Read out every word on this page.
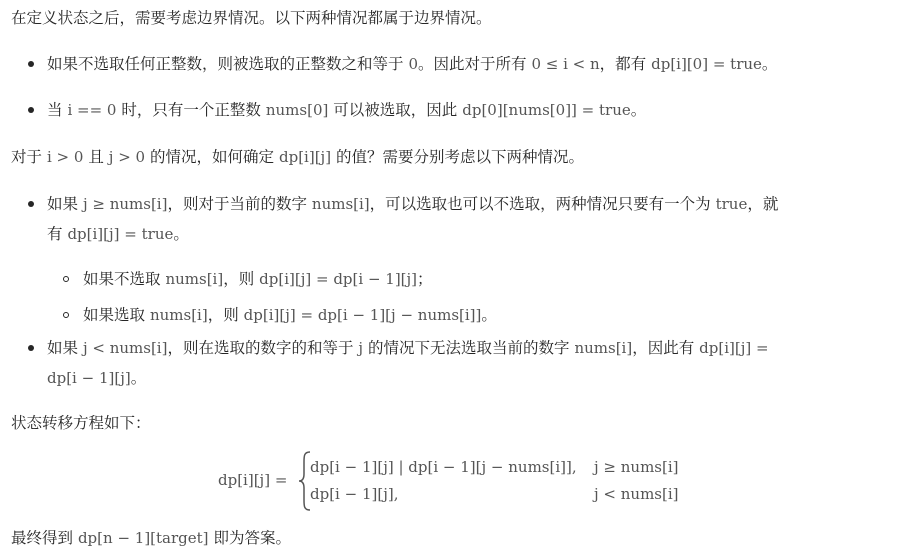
在定义状态之后，需要考虑边界情况。以下两种情况都属于边界情况。
如果不选取任何正整数，则被选取的正整数之和等于 0。因此对于所有 0 ≤ i < n，都有 dp[i][0] = true。
当 i == 0 时，只有一个正整数 nums[0] 可以被选取，因此 dp[0][nums[0]] = true。
对于 i > 0 且 j > 0 的情况，如何确定 dp[i][j] 的值？需要分别考虑以下两种情况。
如果 j ≥ nums[i]，则对于当前的数字 nums[i]，可以选取也可以不选取，两种情况只要有一个为 true，就
有 dp[i][j] = true。
如果不选取 nums[i]，则 dp[i][j] = dp[i − 1][j]；
如果选取 nums[i]，则 dp[i][j] = dp[i − 1][j − nums[i]]。
如果 j < nums[i]，则在选取的数字的和等于 j 的情况下无法选取当前的数字 nums[i]，因此有 dp[i][j] =
dp[i − 1][j]。
状态转移方程如下：
dp[i][j] =
dp[i − 1][j] | dp[i − 1][j − nums[i]], j ≥ nums[i]
dp[i − 1][j],	j < nums[i]
最终得到 dp[n − 1][target] 即为答案。
